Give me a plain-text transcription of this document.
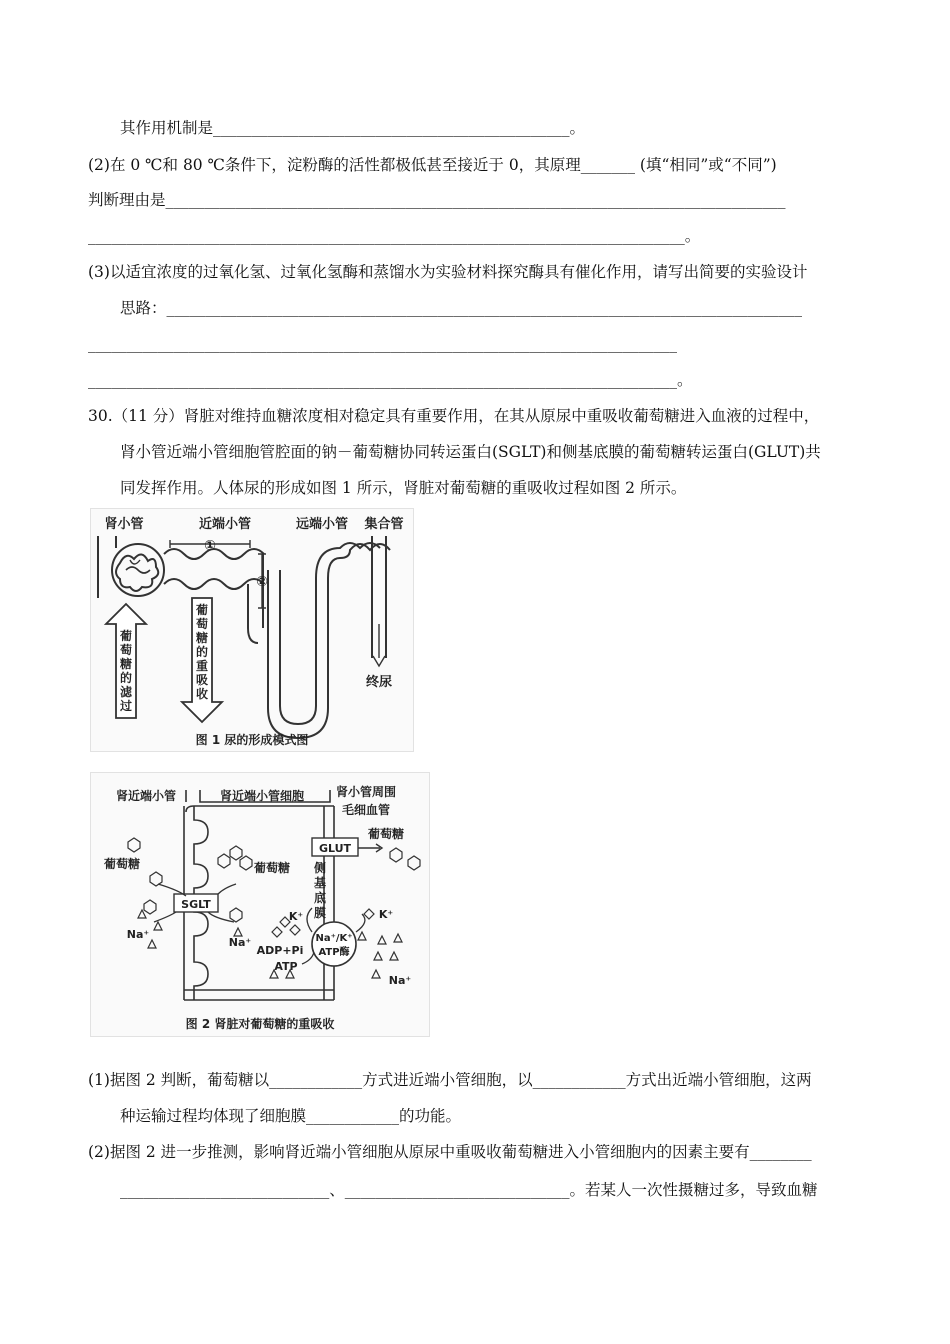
其作用机制是______________________________________________。
(2)在 0 ℃和 80 ℃条件下，淀粉酶的活性都极低甚至接近于 0，其原理_______ (填“相同”或“不同”)
判断理由是________________________________________________________________________________
_____________________________________________________________________________。
(3)以适宜浓度的过氧化氢、过氧化氢酶和蒸馏水为实验材料探究酶具有催化作用，请写出简要的实验设计
思路：__________________________________________________________________________________
____________________________________________________________________________
____________________________________________________________________________。
30.（11 分）肾脏对维持血糖浓度相对稳定具有重要作用，在其从原尿中重吸收葡萄糖进入血液的过程中，
肾小管近端小管细胞管腔面的钠－葡萄糖协同转运蛋白(SGLT)和侧基底膜的葡萄糖转运蛋白(GLUT)共
同发挥作用。人体尿的形成如图 1 所示，肾脏对葡萄糖的重吸收过程如图 2 所示。
肾小管	近端小管	远端小管 集合管
①
②
终尿
葡
萄
糖
的
滤
过
葡
萄
糖
的
重
吸
收
图 1 尿的形成模式图
肾近端小管	肾近端小管细胞	肾小管周围
毛细血管
葡萄糖	葡萄糖
葡萄糖
GLUT
侧
基
底
膜
SGLT
Na⁺
Na⁺
Na⁺
K⁺	K⁺
Na⁺/K⁺
ATP酶
ADP+Pi
ATP
图 2 肾脏对葡萄糖的重吸收
(1)据图 2 判断，葡萄糖以____________方式进近端小管细胞，以____________方式出近端小管细胞，这两
种运输过程均体现了细胞膜____________的功能。
(2)据图 2 进一步推测，影响肾近端小管细胞从原尿中重吸收葡萄糖进入小管细胞内的因素主要有________
___________________________、_____________________________。若某人一次性摄糖过多，导致血糖
